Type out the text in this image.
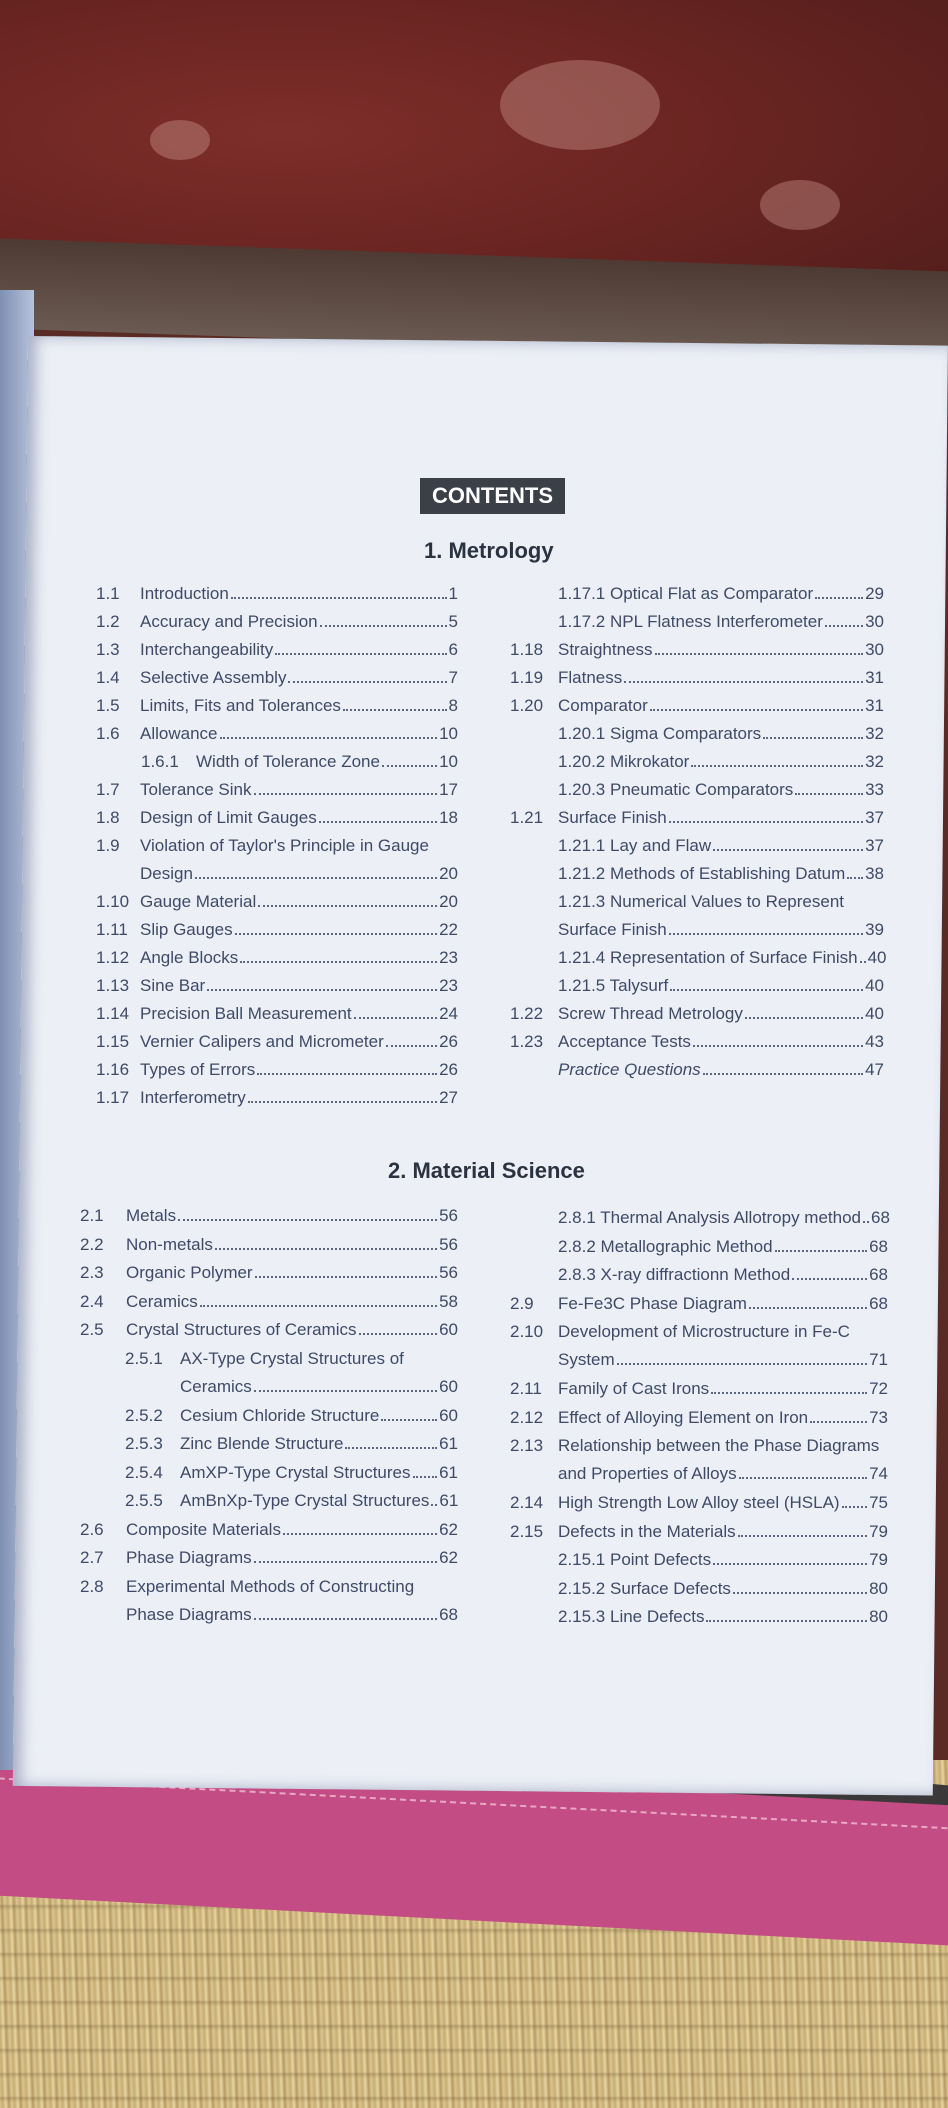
CONTENTS
1. Metrology
2. Material Science
1.1	Introduction	1
1.2	Accuracy and Precision	5
1.3	Interchangeability	6
1.4	Selective Assembly	7
1.5	Limits, Fits and Tolerances	8
1.6	Allowance	10
1.6.1	Width of Tolerance Zone	10
1.7	Tolerance Sink	17
1.8	Design of Limit Gauges	18
1.9	Violation of Taylor's Principle in Gauge
Design	20
1.10 Gauge Material	20
1.11 Slip Gauges	22
1.12 Angle Blocks	23
1.13 Sine Bar	23
1.14 Precision Ball Measurement	24
1.15 Vernier Calipers and Micrometer	26
1.16 Types of Errors	26
1.17 Interferometry	27
1.17.1 Optical Flat as Comparator	29
1.17.2 NPL Flatness Interferometer 30
1.18 Straightness	30
1.19 Flatness	31
1.20 Comparator	31
1.20.1 Sigma Comparators	32
1.20.2 Mikrokator	32
1.20.3 Pneumatic Comparators	33
1.21 Surface Finish	37
1.21.1 Lay and Flaw	37
1.21.2 Methods of Establishing Datum 38
1.21.3 Numerical Values to Represent
Surface Finish	39
1.21.4 Representation of Surface Finish 40
1.21.5 Talysurf	40
1.22 Screw Thread Metrology	40
1.23 Acceptance Tests	43
Practice Questions	47
2.1	Metals	56
2.2	Non-metals	56
2.3	Organic Polymer	56
2.4	Ceramics	58
2.5	Crystal Structures of Ceramics	60
2.5.1	AX-Type Crystal Structures of
Ceramics	60
2.5.2	Cesium Chloride Structure	60
2.5.3	Zinc Blende Structure	61
2.5.4	AmXP-Type Crystal Structures 61
2.5.5	AmBnXp-Type Crystal Structures 61
2.6	Composite Materials	62
2.7	Phase Diagrams	62
2.8	Experimental Methods of Constructing
Phase Diagrams	68
2.8.1 Thermal Analysis Allotropy method 68
2.8.2 Metallographic Method	68
2.8.3 X-ray diffractionn Method	68
2.9	Fe-Fe3C Phase Diagram	68
2.10 Development of Microstructure in Fe-C
System	71
2.11 Family of Cast Irons	72
2.12 Effect of Alloying Element on Iron	73
2.13 Relationship between the Phase Diagrams
and Properties of Alloys	74
2.14 High Strength Low Alloy steel (HSLA) 75
2.15 Defects in the Materials	79
2.15.1 Point Defects	79
2.15.2 Surface Defects	80
2.15.3 Line Defects	80
